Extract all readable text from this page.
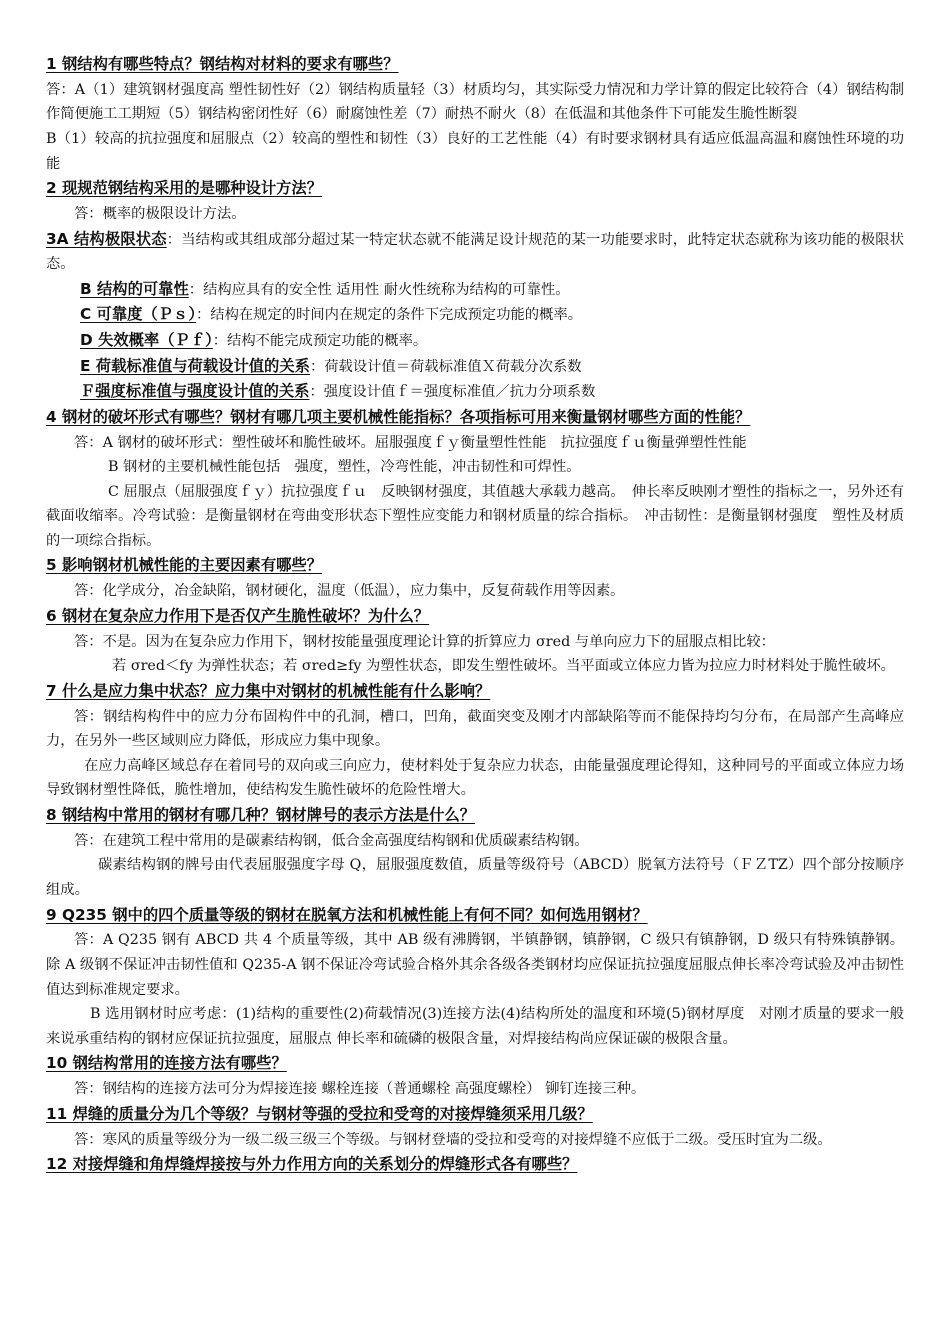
1 钢结构有哪些特点？钢结构对材料的要求有哪些？
答：A（1）建筑钢材强度高 塑性韧性好（2）钢结构质量轻（3）材质均匀，其实际受力情况和力学计算的假定比较符合（4）钢结构制作简便施工工期短（5）钢结构密闭性好（6）耐腐蚀性差（7）耐热不耐火（8）在低温和其他条件下可能发生脆性断裂
B（1）较高的抗拉强度和屈服点（2）较高的塑性和韧性（3）良好的工艺性能（4）有时要求钢材具有适应低温高温和腐蚀性环境的功能
2 现规范钢结构采用的是哪种设计方法？
答：概率的极限设计方法。
3A 结构极限状态：当结构或其组成部分超过某一特定状态就不能满足设计规范的某一功能要求时，此特定状态就称为该功能的极限状态。
B 结构的可靠性：结构应具有的安全性 适用性 耐火性统称为结构的可靠性。
C 可靠度（Ｐｓ）：结构在规定的时间内在规定的条件下完成预定功能的概率。
D 失效概率（Ｐｆ）：结构不能完成预定功能的概率。
E 荷载标准值与荷载设计值的关系：荷载设计值＝荷载标准值Ｘ荷载分次系数
Ｆ强度标准值与强度设计值的关系：强度设计值ｆ＝强度标准值／抗力分项系数
4 钢材的破坏形式有哪些？钢材有哪几项主要机械性能指标？各项指标可用来衡量钢材哪些方面的性能？
答：A 钢材的破坏形式：塑性破坏和脆性破坏。屈服强度ｆｙ衡量塑性性能　抗拉强度ｆｕ衡量弹塑性性能
B 钢材的主要机械性能包括　强度，塑性，冷弯性能，冲击韧性和可焊性。
C 屈服点（屈服强度ｆｙ）抗拉强度ｆｕ　反映钢材强度，其值越大承载力越高。　伸长率反映刚才塑性的指标之一，另外还有截面收缩率。冷弯试验：是衡量钢材在弯曲变形状态下塑性应变能力和钢材质量的综合指标。　冲击韧性：是衡量钢材强度　塑性及材质的一项综合指标。
5 影响钢材机械性能的主要因素有哪些？
答：化学成分，冶金缺陷，钢材硬化，温度（低温），应力集中，反复荷载作用等因素。
6 钢材在复杂应力作用下是否仅产生脆性破坏？为什么？
答：不是。因为在复杂应力作用下，钢材按能量强度理论计算的折算应力 σred 与单向应力下的屈服点相比较：
若 σred＜fy 为弹性状态；若 σred≥fy 为塑性状态，即发生塑性破坏。当平面或立体应力皆为拉应力时材料处于脆性破坏。
7 什么是应力集中状态？应力集中对钢材的机械性能有什么影响？
答：钢结构构件中的应力分布固构件中的孔洞，槽口，凹角，截面突变及刚才内部缺陷等而不能保持均匀分布，在局部产生高峰应力，在另外一些区域则应力降低，形成应力集中现象。
在应力高峰区域总存在着同号的双向或三向应力，使材料处于复杂应力状态，由能量强度理论得知，这种同号的平面或立体应力场导致钢材塑性降低，脆性增加，使结构发生脆性破坏的危险性增大。
8 钢结构中常用的钢材有哪几种？钢材牌号的表示方法是什么？
答：在建筑工程中常用的是碳素结构钢，低合金高强度结构钢和优质碳素结构钢。
碳素结构钢的牌号由代表屈服强度字母 Q，屈服强度数值，质量等级符号（ABCD）脱氧方法符号（ＦＺTZ）四个部分按顺序组成。
9 Q235 钢中的四个质量等级的钢材在脱氧方法和机械性能上有何不同？如何选用钢材？
答：A Q235 钢有 ABCD 共 4 个质量等级，其中 AB 级有沸腾钢，半镇静钢，镇静钢，C 级只有镇静钢，D 级只有特殊镇静钢。除 A 级钢不保证冲击韧性值和 Q235-A 钢不保证冷弯试验合格外其余各级各类钢材均应保证抗拉强度屈服点伸长率冷弯试验及冲击韧性值达到标准规定要求。
B 选用钢材时应考虑：(1)结构的重要性(2)荷载情况(3)连接方法(4)结构所处的温度和环境(5)钢材厚度　对刚才质量的要求一般来说承重结构的钢材应保证抗拉强度，屈服点 伸长率和硫磷的极限含量，对焊接结构尚应保证碳的极限含量。
10 钢结构常用的连接方法有哪些？
答：钢结构的连接方法可分为焊接连接 螺栓连接（普通螺栓 高强度螺栓） 铆钉连接三种。
11 焊缝的质量分为几个等级？与钢材等强的受拉和受弯的对接焊缝须采用几级？
答：寒风的质量等级分为一级二级三级三个等级。与钢材登墙的受拉和受弯的对接焊缝不应低于二级。受压时宜为二级。
12 对接焊缝和角焊缝焊接按与外力作用方向的关系划分的焊缝形式各有哪些？
